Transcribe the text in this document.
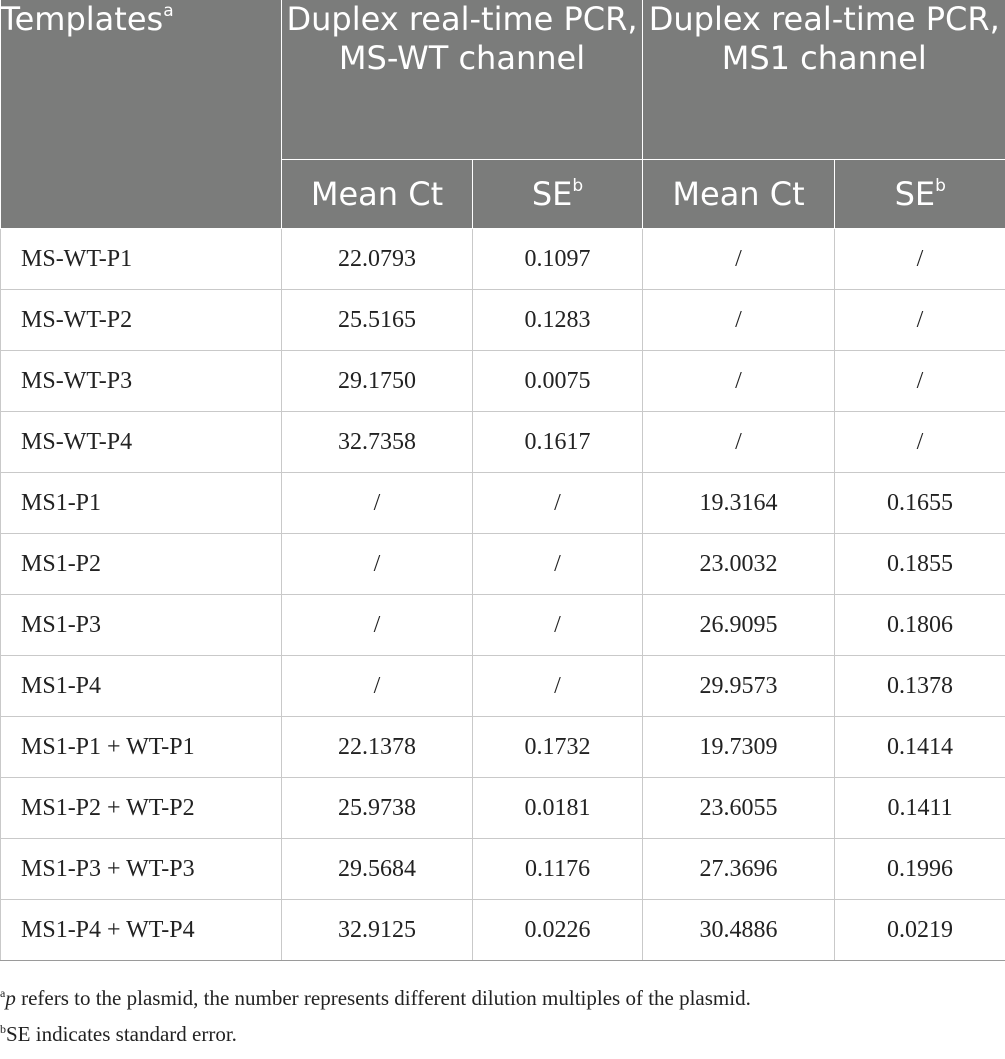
Templates$^a$	Duplex real-time PCR, MS-WT channel		Duplex real-time PCR, MS1 channel	
	Mean Ct	$SE^b$	Mean Ct	$SE^b$
MS-WT-P1	22.0793	0.1097	/	/
MS-WT-P2	25.5165	0.1283	/	/
MS-WT-P3	29.1750	0.0075	/	/
MS-WT-P4	32.7358	0.1617	/	/
MS1-P1	/	/	19.3164	0.1655
MS1-P2	/	/	23.0032	0.1855
MS1-P3	/	/	26.9095	0.1806
MS1-P4	/	/	29.9573	0.1378
MS1-P1 + WT-P1	22.1378	0.1732	19.7309	0.1414
MS1-P2 + WT-P2	25.9738	0.0181	23.6055	0.1411
MS1-P3 + WT-P3	29.5684	0.1176	27.3696	0.1996
MS1-P4 + WT-P4	32.9125	0.0226	30.4886	0.0219
$^a$p refers to the plasmid, the number represents different dilution multiples of the plasmid.
$^b$SE indicates standard error.
